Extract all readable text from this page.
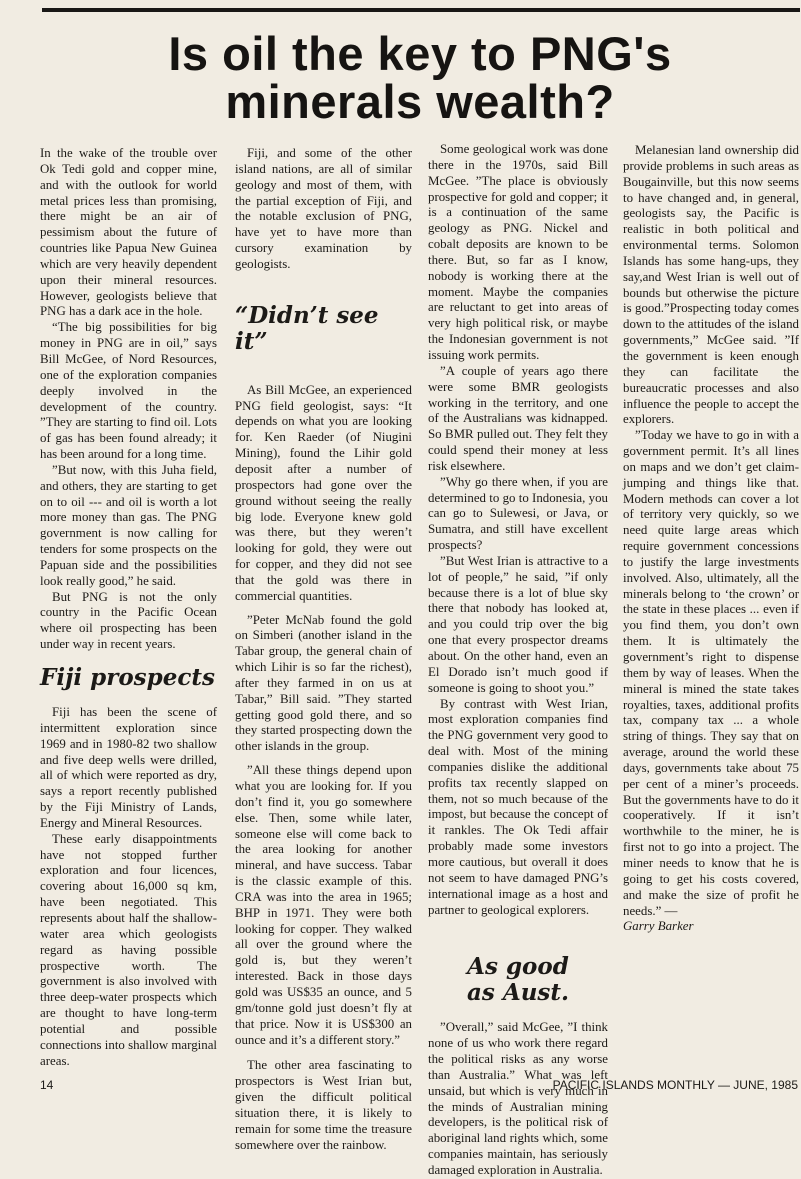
Is oil the key to PNG's
minerals wealth?

In the wake of the trouble over Ok Tedi gold and copper mine, and with the outlook for world metal prices less than promising, there might be an air of pessimism about the future of countries like Papua New Guinea which are very heavily dependent upon their mineral resources. However, geologists believe that PNG has a dark ace in the hole.

“The big possibilities for big money in PNG are in oil,” says Bill McGee, of Nord Resources, one of the exploration companies deeply involved in the development of the country. ”They are starting to find oil. Lots of gas has been found already; it has been around for a long time.

”But now, with this Juha field, and others, they are starting to get on to oil --- and oil is worth a lot more money than gas. The PNG government is now calling for tenders for some prospects on the Papuan side and the possibilities look really good,” he said.

But PNG is not the only country in the Pacific Ocean where oil prospecting has been under way in recent years.

Fiji prospects

Fiji has been the scene of intermittent exploration since 1969 and in 1980-82 two shallow and five deep wells were drilled, all of which were reported as dry, says a report recently published by the Fiji Ministry of Lands, Energy and Mineral Resources.

These early disappointments have not stopped further exploration and four licences, covering about 16,000 sq km, have been negotiated. This represents about half the shallow-water area which geologists regard as having possible prospective worth. The government is also involved with three deep-water prospects which are thought to have long-term potential and possible connections into shallow marginal areas.

Fiji, and some of the other island nations, are all of similar geology and most of them, with the partial exception of Fiji, and the notable exclusion of PNG, have yet to have more than cursory examination by geologists.

“Didn’t see it”

As Bill McGee, an experienced PNG field geologist, says: “It depends on what you are looking for. Ken Raeder (of Niugini Mining), found the Lihir gold deposit after a number of prospectors had gone over the ground without seeing the really big lode. Everyone knew gold was there, but they weren’t looking for gold, they were out for copper, and they did not see that the gold was there in commercial quantities.

”Peter McNab found the gold on Simberi (another island in the Tabar group, the general chain of which Lihir is so far the richest), after they farmed in on us at Tabar,” Bill said. ”They started getting good gold there, and so they started prospecting down the other islands in the group.

”All these things depend upon what you are looking for. If you don’t find it, you go somewhere else. Then, some while later, someone else will come back to the area looking for another mineral, and have success. Tabar is the classic example of this. CRA was into the area in 1965; BHP in 1971. They were both looking for copper. They walked all over the ground where the gold is, but they weren’t interested. Back in those days gold was US$35 an ounce, and 5 gm/tonne gold just doesn’t fly at that price. Now it is US$300 an ounce and it’s a different story.”

The other area fascinating to prospectors is West Irian but, given the difficult political situation there, it is likely to remain for some time the treasure somewhere over the rainbow.

Some geological work was done there in the 1970s, said Bill McGee. ”The place is obviously prospective for gold and copper; it is a continuation of the same geology as PNG. Nickel and cobalt deposits are known to be there. But, so far as I know, nobody is working there at the moment. Maybe the companies are reluctant to get into areas of very high political risk, or maybe the Indonesian government is not issuing work permits.

”A couple of years ago there were some BMR geologists working in the territory, and one of the Australians was kidnapped. So BMR pulled out. They felt they could spend their money at less risk elsewhere.

”Why go there when, if you are determined to go to Indonesia, you can go to Sulewesi, or Java, or Sumatra, and still have excellent prospects?

”But West Irian is attractive to a lot of people,” he said, ”if only because there is a lot of blue sky there that nobody has looked at, and you could trip over the big one that every prospector dreams about. On the other hand, even an El Dorado isn’t much good if someone is going to shoot you.”

By contrast with West Irian, most exploration companies find the PNG government very good to deal with. Most of the mining companies dislike the additional profits tax recently slapped on them, not so much because of the impost, but because the concept of it rankles. The Ok Tedi affair probably made some investors more cautious, but overall it does not seem to have damaged PNG’s international image as a host and partner to geological explorers.

As good
as Aust.

”Overall,” said McGee, ”I think none of us who work there regard the political risks as any worse than Australia.” What was left unsaid, but which is very much in the minds of Australian mining developers, is the political risk of aboriginal land rights which, some companies maintain, has seriously damaged exploration in Australia.

Melanesian land ownership did provide problems in such areas as Bougainville, but this now seems to have changed and, in general, geologists say, the Pacific is realistic in both political and environmental terms. Solomon Islands has some hang-ups, they say,and West Irian is well out of bounds but otherwise the picture is good.”Prospecting today comes down to the attitudes of the island governments,” McGee said. ”If the government is keen enough they can facilitate the bureaucratic processes and also influence the people to accept the explorers.

”Today we have to go in with a government permit. It’s all lines on maps and we don’t get claim-jumping and things like that. Modern methods can cover a lot of territory very quickly, so we need quite large areas which require government concessions to justify the large investments involved. Also, ultimately, all the minerals belong to ‘the crown’ or the state in these places ... even if you find them, you don’t own them. It is ultimately the government’s right to dispense them by way of leases. When the mineral is mined the state takes royalties, taxes, additional profits tax, company tax ... a whole string of things. They say that on average, around the world these days, governments take about 75 per cent of a miner’s proceeds. But the governments have to do it cooperatively. If it isn’t worthwhile to the miner, he is first not to go into a project. The miner needs to know that he is going to get his costs covered, and make the size of profit he needs.” —

Garry Barker

14	PACIFIC ISLANDS MONTHLY — JUNE, 1985
